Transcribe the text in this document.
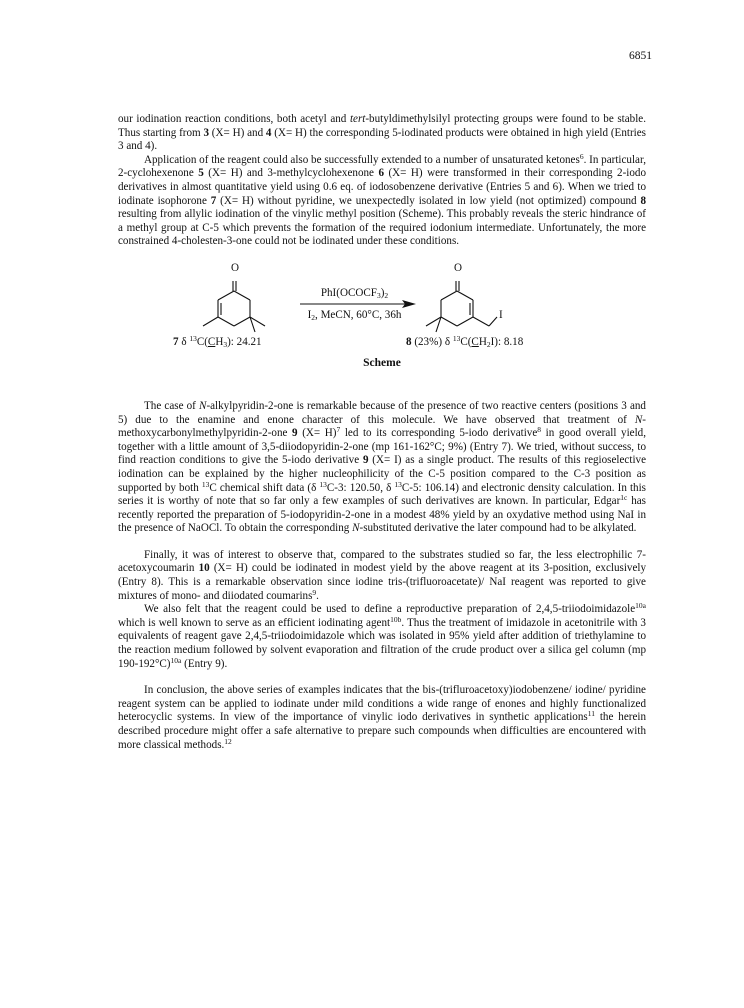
6851

our iodination reaction conditions, both acetyl and tert-butyldimethylsilyl protecting groups were found to be stable. Thus starting from 3 (X= H) and 4 (X= H) the corresponding 5-iodinated products were obtained in high yield (Entries 3 and 4).

Application of the reagent could also be successfully extended to a number of unsaturated ketones$^6$. In particular, 2-cyclohexenone 5 (X= H) and 3-methylcyclohexenone 6 (X= H) were transformed in their corresponding 2-iodo derivatives in almost quantitative yield using 0.6 eq. of iodosobenzene derivative (Entries 5 and 6). When we tried to iodinate isophorone 7 (X= H) without pyridine, we unexpectedly isolated in low yield (not optimized) compound 8 resulting from allylic iodination of the vinylic methyl position (Scheme). This probably reveals the steric hindrance of a methyl group at C-5 which prevents the formation of the required iodonium intermediate. Unfortunately, the more constrained 4-cholesten-3-one could not be iodinated under these conditions.

O	O
I
$PhI(OCOCF_3)_2$
$I_2$, MeCN, 60°C, 36h
7 δ $^{13}C(CH_3)$: 24.21	8 (23%) δ $^{13}C(CH_2I)$: 8.18
Scheme

The case of N-alkylpyridin-2-one is remarkable because of the presence of two reactive centers (positions 3 and 5) due to the enamine and enone character of this molecule. We have observed that treatment of N-methoxycarbonylmethylpyridin-2-one 9 (X= H)$^7$ led to its corresponding 5-iodo derivative$^8$ in good overall yield, together with a little amount of 3,5-diiodopyridin-2-one (mp 161-162°C; 9%) (Entry 7). We tried, without success, to find reaction conditions to give the 5-iodo derivative 9 (X= I) as a single product. The results of this regioselective iodination can be explained by the higher nucleophilicity of the C-5 position compared to the C-3 position as supported by both $^{13}$C chemical shift data (δ $^{13}$C-3: 120.50, δ $^{13}$C-5: 106.14) and electronic density calculation. In this series it is worthy of note that so far only a few examples of such derivatives are known. In particular, Edgar$^{1c}$ has recently reported the preparation of 5-iodopyridin-2-one in a modest 48% yield by an oxydative method using NaI in the presence of NaOCl. To obtain the corresponding N-substituted derivative the later compound had to be alkylated.

Finally, it was of interest to observe that, compared to the substrates studied so far, the less electrophilic 7-acetoxycoumarin 10 (X= H) could be iodinated in modest yield by the above reagent at its 3-position, exclusively (Entry 8). This is a remarkable observation since iodine tris-(trifluoroacetate)/ NaI reagent was reported to give mixtures of mono- and diiodated coumarins$^9$.

We also felt that the reagent could be used to define a reproductive preparation of 2,4,5-triiodoimidazole$^{10a}$ which is well known to serve as an efficient iodinating agent$^{10b}$. Thus the treatment of imidazole in acetonitrile with 3 equivalents of reagent gave 2,4,5-triiodoimidazole which was isolated in 95% yield after addition of triethylamine to the reaction medium followed by solvent evaporation and filtration of the crude product over a silica gel column (mp 190-192°C)$^{10a}$ (Entry 9).

In conclusion, the above series of examples indicates that the bis-(trifluroacetoxy)iodobenzene/ iodine/ pyridine reagent system can be applied to iodinate under mild conditions a wide range of enones and highly functionalized heterocyclic systems. In view of the importance of vinylic iodo derivatives in synthetic applications$^{11}$ the herein described procedure might offer a safe alternative to prepare such compounds when difficulties are encountered with more classical methods.$^{12}$
